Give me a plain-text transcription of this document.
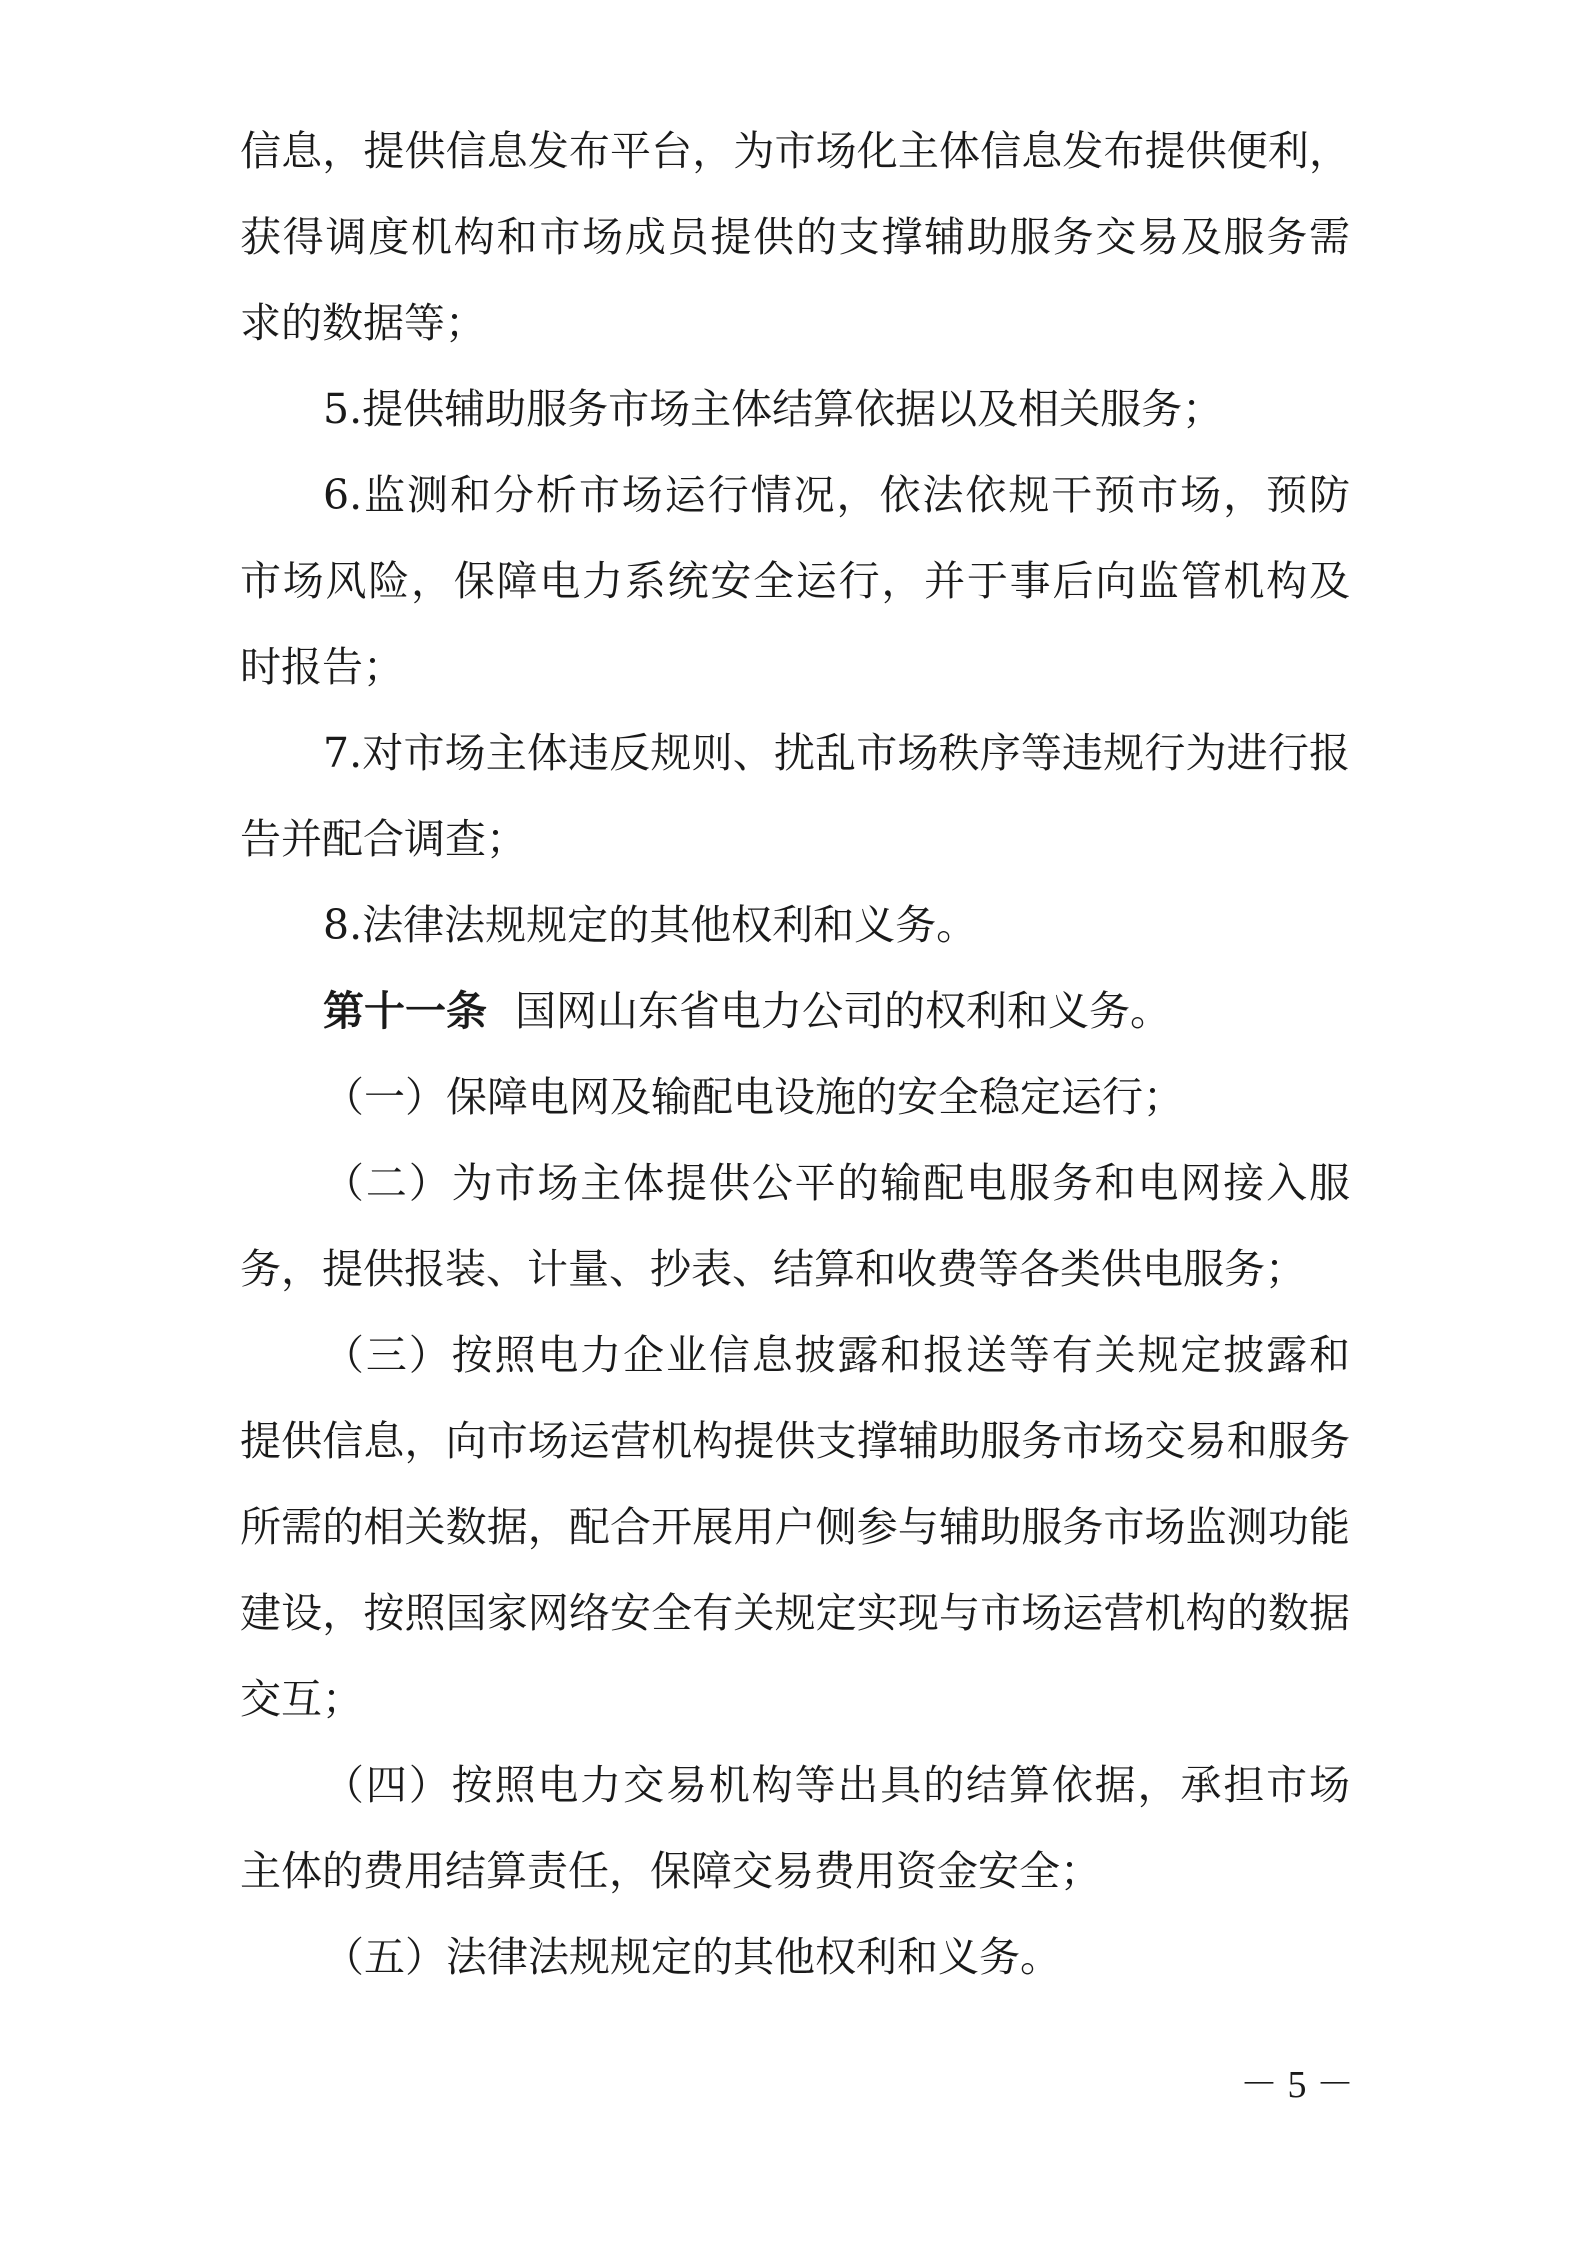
信息，提供信息发布平台，为市场化主体信息发布提供便利，
获得调度机构和市场成员提供的支撑辅助服务交易及服务需
求的数据等；
5.提供辅助服务市场主体结算依据以及相关服务；
6.监测和分析市场运行情况，依法依规干预市场，预防
市场风险，保障电力系统安全运行，并于事后向监管机构及
时报告；
7.对市场主体违反规则、扰乱市场秩序等违规行为进行报
告并配合调查；
8.法律法规规定的其他权利和义务。
第十一条 国网山东省电力公司的权利和义务。
（一）保障电网及输配电设施的安全稳定运行；
（二）为市场主体提供公平的输配电服务和电网接入服
务，提供报装、计量、抄表、结算和收费等各类供电服务；
（三）按照电力企业信息披露和报送等有关规定披露和
提供信息，向市场运营机构提供支撑辅助服务市场交易和服务
所需的相关数据，配合开展用户侧参与辅助服务市场监测功能
建设，按照国家网络安全有关规定实现与市场运营机构的数据
交互；
（四）按照电力交易机构等出具的结算依据，承担市场
主体的费用结算责任，保障交易费用资金安全；
（五）法律法规规定的其他权利和义务。
－ 5 －
